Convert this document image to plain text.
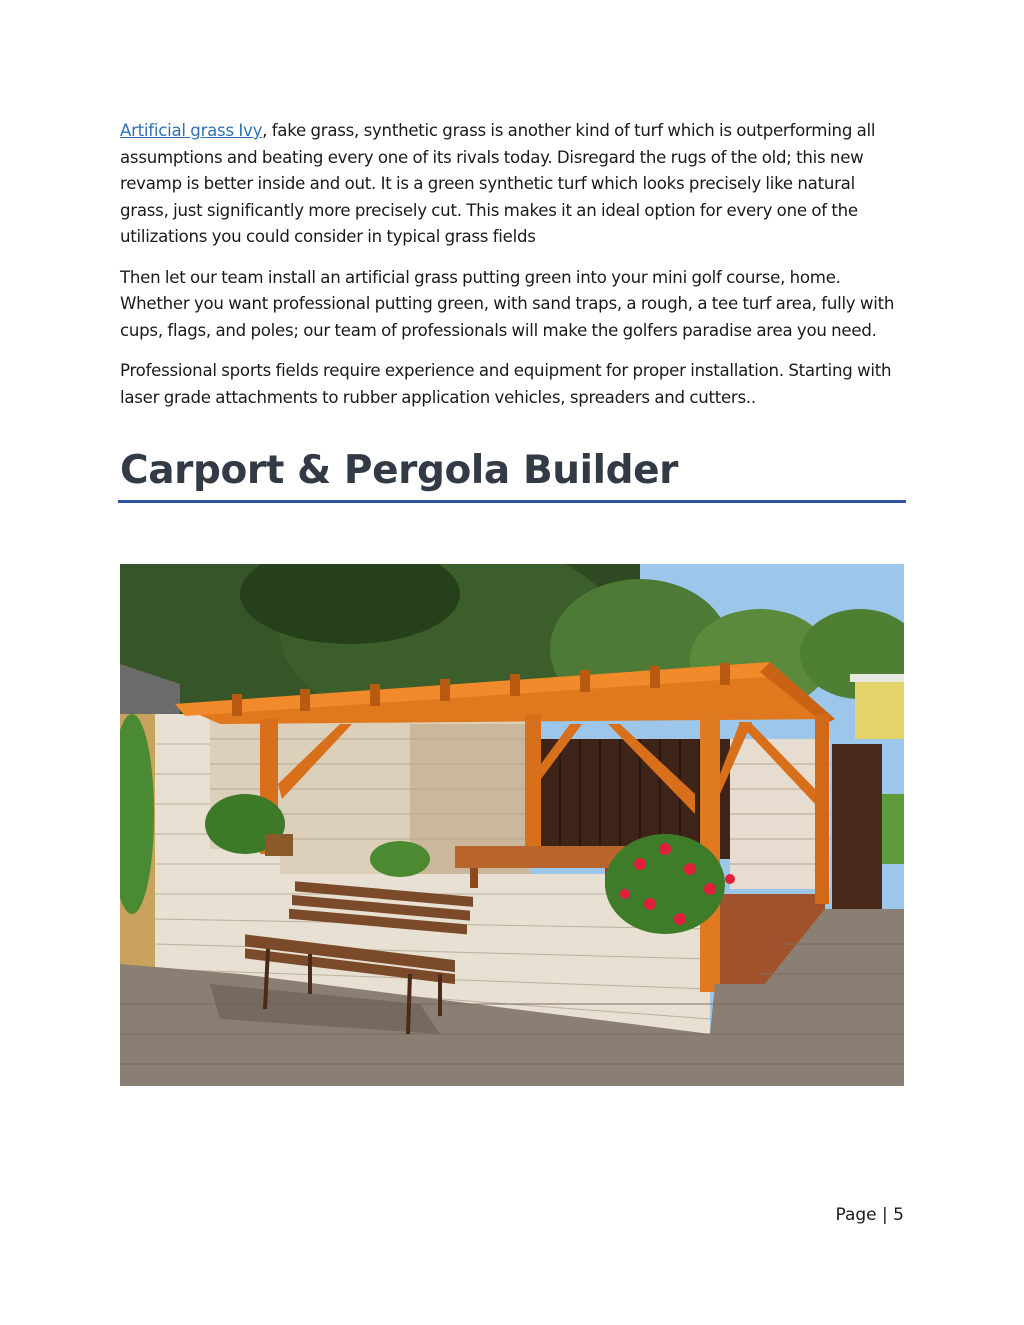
Artificial grass Ivy, fake grass, synthetic grass is another kind of turf which is outperforming all assumptions and beating every one of its rivals today. Disregard the rugs of the old; this new revamp is better inside and out. It is a green synthetic turf which looks precisely like natural grass, just significantly more precisely cut. This makes it an ideal option for every one of the utilizations you could consider in typical grass fields

Then let our team install an artificial grass putting green into your mini golf course, home. Whether you want professional putting green, with sand traps, a rough, a tee turf area, fully with cups, flags, and poles; our team of professionals will make the golfers paradise area you need.

Professional sports fields require experience and equipment for proper installation. Starting with laser grade attachments to rubber application vehicles, spreaders and cutters..

Carport & Pergola Builder
Page | 5
